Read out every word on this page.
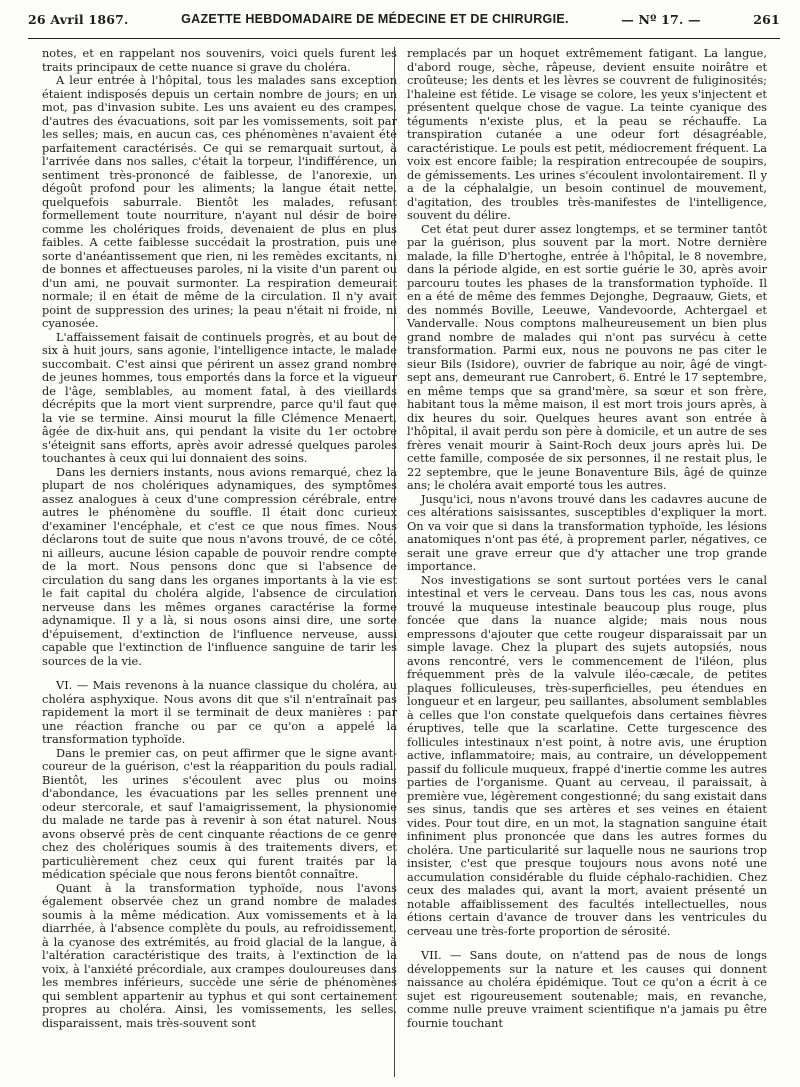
26 Avril 1867.	GAZETTE HEBDOMADAIRE DE MÉDECINE ET DE CHIRURGIE.	— Nº 17. —	261

notes, et en rappelant nos souvenirs, voici quels furent les traits principaux de cette nuance si grave du choléra.

A leur entrée à l'hôpital, tous les malades sans exception étaient indisposés depuis un certain nombre de jours; en un mot, pas d'invasion subite. Les uns avaient eu des crampes, d'autres des évacuations, soit par les vomissements, soit par les selles; mais, en aucun cas, ces phénomènes n'avaient été parfaitement caractérisés. Ce qui se remarquait surtout, à l'arrivée dans nos salles, c'était la torpeur, l'indifférence, un sentiment très-prononcé de faiblesse, de l'anorexie, un dégoût profond pour les aliments; la langue était nette, quelquefois saburrale. Bientôt les malades, refusant formellement toute nourriture, n'ayant nul désir de boire comme les cholériques froids, devenaient de plus en plus faibles. A cette faiblesse succédait la prostration, puis une sorte d'anéantissement que rien, ni les remèdes excitants, ni de bonnes et affectueuses paroles, ni la visite d'un parent ou d'un ami, ne pouvait surmonter. La respiration demeurait normale; il en était de même de la circulation. Il n'y avait point de suppression des urines; la peau n'était ni froide, ni cyanosée.

L'affaissement faisait de continuels progrès, et au bout de six à huit jours, sans agonie, l'intelligence intacte, le malade succombait. C'est ainsi que périrent un assez grand nombre de jeunes hommes, tous emportés dans la force et la vigueur de l'âge, semblables, au moment fatal, à des vieillards décrépits que la mort vient surprendre, parce qu'il faut que la vie se termine. Ainsi mourut la fille Clémence Menaert, âgée de dix-huit ans, qui pendant la visite du 1er octobre s'éteignit sans efforts, après avoir adressé quelques paroles touchantes à ceux qui lui donnaient des soins.

Dans les derniers instants, nous avions remarqué, chez la plupart de nos cholériques adynamiques, des symptômes assez analogues à ceux d'une compression cérébrale, entre autres le phénomène du souffle. Il était donc curieux d'examiner l'encéphale, et c'est ce que nous fîmes. Nous déclarons tout de suite que nous n'avons trouvé, de ce côté, ni ailleurs, aucune lésion capable de pouvoir rendre compte de la mort. Nous pensons donc que si l'absence de circulation du sang dans les organes importants à la vie est le fait capital du choléra algide, l'absence de circulation nerveuse dans les mêmes organes caractérise la forme adynamique. Il y a là, si nous osons ainsi dire, une sorte d'épuisement, d'extinction de l'influence nerveuse, aussi capable que l'extinction de l'influence sanguine de tarir les sources de la vie.

VI. — Mais revenons à la nuance classique du choléra, au choléra asphyxique. Nous avons dit que s'il n'entraînait pas rapidement la mort il se terminait de deux manières : par une réaction franche ou par ce qu'on a appelé la transformation typhoïde.

Dans le premier cas, on peut affirmer que le signe avant-coureur de la guérison, c'est la réapparition du pouls radial. Bientôt, les urines s'écoulent avec plus ou moins d'abondance, les évacuations par les selles prennent une odeur stercorale, et sauf l'amaigrissement, la physionomie du malade ne tarde pas à revenir à son état naturel. Nous avons observé près de cent cinquante réactions de ce genre chez des cholériques soumis à des traitements divers, et particulièrement chez ceux qui furent traités par la médication spéciale que nous ferons bientôt connaître.

Quant à la transformation typhoïde, nous l'avons également observée chez un grand nombre de malades soumis à la même médication. Aux vomissements et à la diarrhée, à l'absence complète du pouls, au refroidissement, à la cyanose des extrémités, au froid glacial de la langue, à l'altération caractéristique des traits, à l'extinction de la voix, à l'anxiété précordiale, aux crampes douloureuses dans les membres inférieurs, succède une série de phénomènes qui semblent appartenir au typhus et qui sont certainement propres au choléra. Ainsi, les vomissements, les selles, disparaissent, mais très-souvent sont

remplacés par un hoquet extrêmement fatigant. La langue, d'abord rouge, sèche, râpeuse, devient ensuite noirâtre et croûteuse; les dents et les lèvres se couvrent de fuliginosités; l'haleine est fétide. Le visage se colore, les yeux s'injectent et présentent quelque chose de vague. La teinte cyanique des téguments n'existe plus, et la peau se réchauffe. La transpiration cutanée a une odeur fort désagréable, caractéristique. Le pouls est petit, médiocrement fréquent. La voix est encore faible; la respiration entrecoupée de soupirs, de gémissements. Les urines s'écoulent involontairement. Il y a de la céphalalgie, un besoin continuel de mouvement, d'agitation, des troubles très-manifestes de l'intelligence, souvent du délire.

Cet état peut durer assez longtemps, et se terminer tantôt par la guérison, plus souvent par la mort. Notre dernière malade, la fille D'hertoghe, entrée à l'hôpital, le 8 novembre, dans la période algide, en est sortie guérie le 30, après avoir parcouru toutes les phases de la transformation typhoïde. Il en a été de même des femmes Dejonghe, Degraauw, Giets, et des nommés Boville, Leeuwe, Vandevoorde, Achtergael et Vandervalle. Nous comptons malheureusement un bien plus grand nombre de malades qui n'ont pas survécu à cette transformation. Parmi eux, nous ne pouvons ne pas citer le sieur Bils (Isidore), ouvrier de fabrique au noir, âgé de vingt-sept ans, demeurant rue Canrobert, 6. Entré le 17 septembre, en même temps que sa grand'mère, sa sœur et son frère, habitant tous la même maison, il est mort trois jours après, à dix heures du soir. Quelques heures avant son entrée à l'hôpital, il avait perdu son père à domicile, et un autre de ses frères venait mourir à Saint-Roch deux jours après lui. De cette famille, composée de six personnes, il ne restait plus, le 22 septembre, que le jeune Bonaventure Bils, âgé de quinze ans; le choléra avait emporté tous les autres.

Jusqu'ici, nous n'avons trouvé dans les cadavres aucune de ces altérations saisissantes, susceptibles d'expliquer la mort. On va voir que si dans la transformation typhoïde, les lésions anatomiques n'ont pas été, à proprement parler, négatives, ce serait une grave erreur que d'y attacher une trop grande importance.

Nos investigations se sont surtout portées vers le canal intestinal et vers le cerveau. Dans tous les cas, nous avons trouvé la muqueuse intestinale beaucoup plus rouge, plus foncée que dans la nuance algide; mais nous nous empressons d'ajouter que cette rougeur disparaissait par un simple lavage. Chez la plupart des sujets autopsiés, nous avons rencontré, vers le commencement de l'iléon, plus fréquemment près de la valvule iléo-cæcale, de petites plaques folliculeuses, très-superficielles, peu étendues en longueur et en largeur, peu saillantes, absolument semblables à celles que l'on constate quelquefois dans certaines fièvres éruptives, telle que la scarlatine. Cette turgescence des follicules intestinaux n'est point, à notre avis, une éruption active, inflammatoire; mais, au contraire, un développement passif du follicule muqueux, frappé d'inertie comme les autres parties de l'organisme. Quant au cerveau, il paraissait, à première vue, légèrement congestionné; du sang existait dans ses sinus, tandis que ses artères et ses veines en étaient vides. Pour tout dire, en un mot, la stagnation sanguine était infiniment plus prononcée que dans les autres formes du choléra. Une particularité sur laquelle nous ne saurions trop insister, c'est que presque toujours nous avons noté une accumulation considérable du fluide céphalo-rachidien. Chez ceux des malades qui, avant la mort, avaient présenté un notable affaiblissement des facultés intellectuelles, nous étions certain d'avance de trouver dans les ventricules du cerveau une très-forte proportion de sérosité.

VII. — Sans doute, on n'attend pas de nous de longs développements sur la nature et les causes qui donnent naissance au choléra épidémique. Tout ce qu'on a écrit à ce sujet est rigoureusement soutenable; mais, en revanche, comme nulle preuve vraiment scientifique n'a jamais pu être fournie touchant
